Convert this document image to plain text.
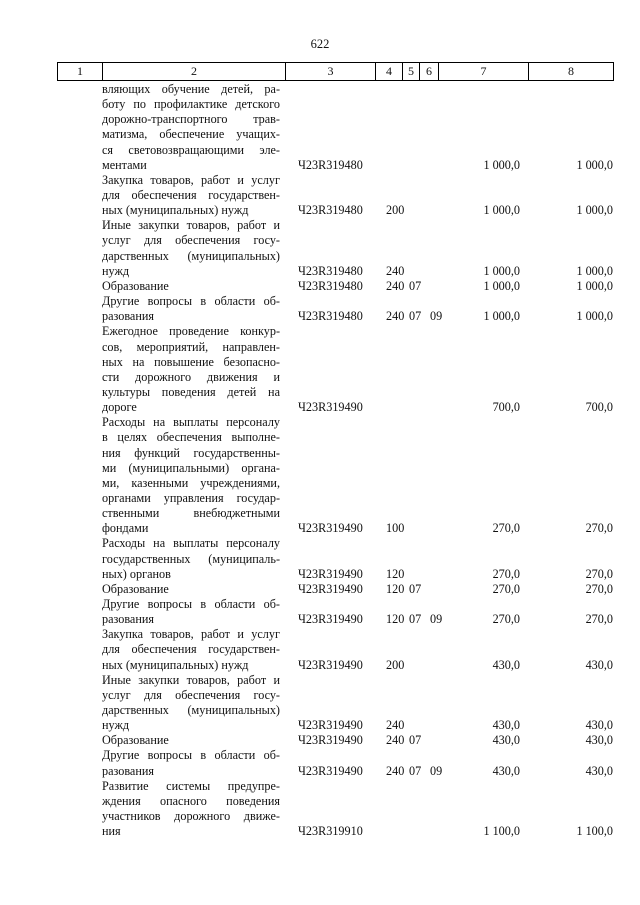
622
1	2	3	4	5	6	7	8
вляющих обучение детей, ра-
боту по профилактике детского
дорожно-транспортного трав-
матизма, обеспечение учащих-
ся световозвращающими эле-
ментами	Ч23R319480	1 000,0	1 000,0
Закупка товаров, работ и услуг
для обеспечения государствен-
ных (муниципальных) нужд	Ч23R319480 200	1 000,0	1 000,0
Иные закупки товаров, работ и
услуг для обеспечения госу-
дарственных (муниципальных)
нужд	Ч23R319480 240	1 000,0	1 000,0
Образование	Ч23R319480 240 07	1 000,0	1 000,0
Другие вопросы в области об-
разования	Ч23R319480 240 07 09	1 000,0	1 000,0
Ежегодное проведение конкур-
сов, мероприятий, направлен-
ных на повышение безопасно-
сти дорожного движения и
культуры поведения детей на
дороге	Ч23R319490	700,0	700,0
Расходы на выплаты персоналу
в целях обеспечения выполне-
ния функций государственны-
ми (муниципальными) органа-
ми, казенными учреждениями,
органами управления государ-
ственными внебюджетными
фондами	Ч23R319490 100	270,0	270,0
Расходы на выплаты персоналу
государственных (муниципаль-
ных) органов	Ч23R319490 120	270,0	270,0
Образование	Ч23R319490 120 07	270,0	270,0
Другие вопросы в области об-
разования	Ч23R319490 120 07 09	270,0	270,0
Закупка товаров, работ и услуг
для обеспечения государствен-
ных (муниципальных) нужд	Ч23R319490 200	430,0	430,0
Иные закупки товаров, работ и
услуг для обеспечения госу-
дарственных (муниципальных)
нужд	Ч23R319490 240	430,0	430,0
Образование	Ч23R319490 240 07	430,0	430,0
Другие вопросы в области об-
разования	Ч23R319490 240 07 09	430,0	430,0
Развитие системы предупре-
ждения опасного поведения
участников дорожного движе-
ния	Ч23R319910	1 100,0	1 100,0
